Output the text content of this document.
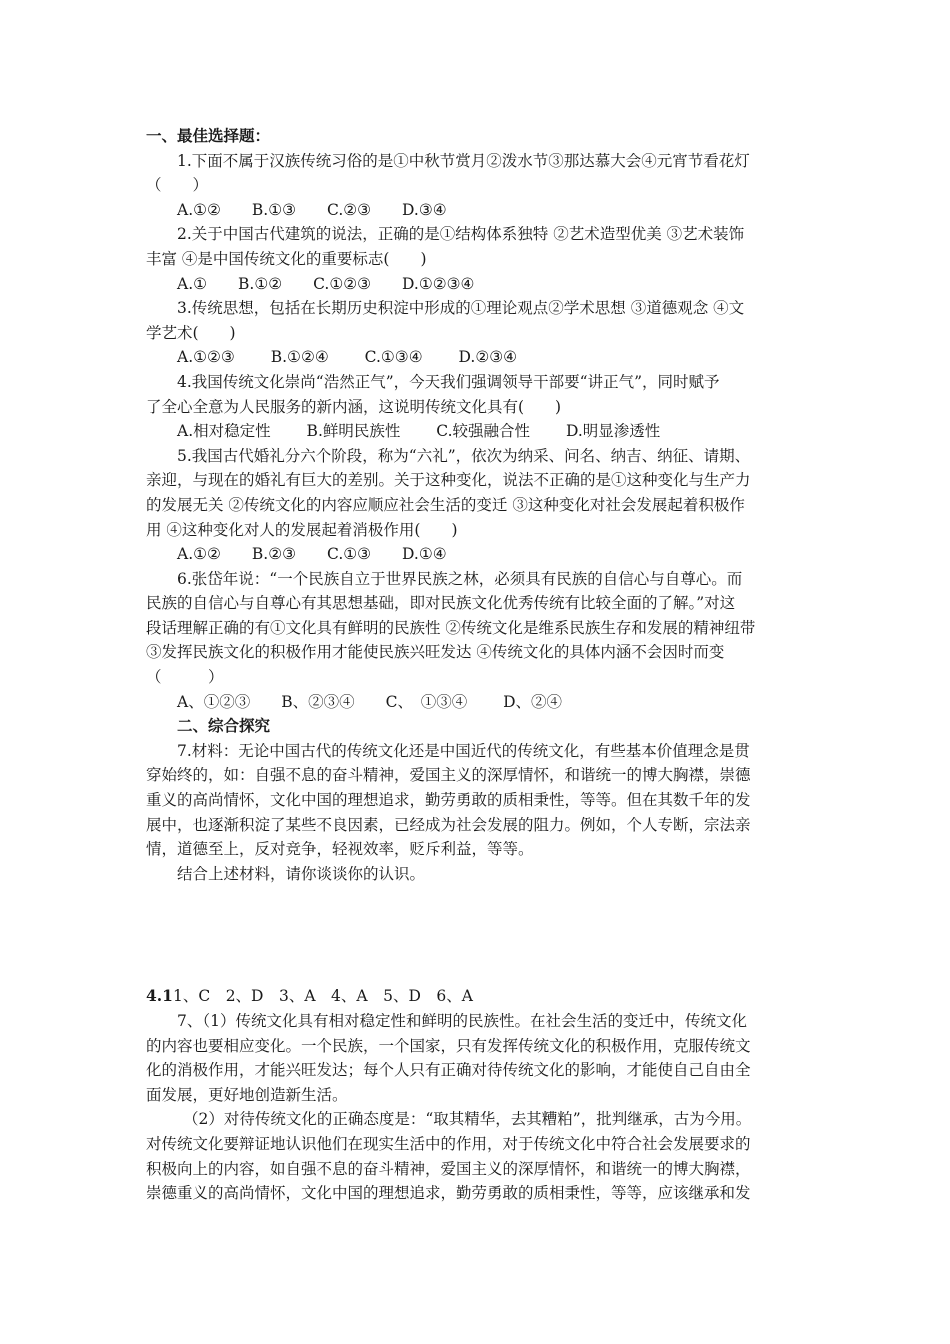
一、最佳选择题：
1.下面不属于汉族传统习俗的是①中秋节赏月②泼水节③那达慕大会④元宵节看花灯
（　　）
A.①②　　B.①③　　C.②③　　D.③④
2.关于中国古代建筑的说法，正确的是①结构体系独特 ②艺术造型优美 ③艺术装饰
丰富 ④是中国传统文化的重要标志(　　)
A.①　　B.①②　　C.①②③　　D.①②③④
3.传统思想，包括在长期历史积淀中形成的①理论观点②学术思想 ③道德观念 ④文
学艺术(　　)
A.①②③　　 B.①②④　　 C.①③④　　 D.②③④
4.我国传统文化崇尚“浩然正气”，今天我们强调领导干部要“讲正气”，同时赋予
了全心全意为人民服务的新内涵，这说明传统文化具有(　　)
A.相对稳定性　　 B.鲜明民族性　　 C.较强融合性　　 D.明显渗透性
5.我国古代婚礼分六个阶段，称为“六礼”，依次为纳采、问名、纳吉、纳征、请期、
亲迎，与现在的婚礼有巨大的差别。关于这种变化，说法不正确的是①这种变化与生产力
的发展无关 ②传统文化的内容应顺应社会生活的变迁 ③这种变化对社会发展起着积极作
用 ④这种变化对人的发展起着消极作用(　　)
A.①②　　B.②③　　C.①③　　D.①④
6.张岱年说：“一个民族自立于世界民族之林，必须具有民族的自信心与自尊心。而
民族的自信心与自尊心有其思想基础，即对民族文化优秀传统有比较全面的了解。”对这
段话理解正确的有①文化具有鲜明的民族性 ②传统文化是维系民族生存和发展的精神纽带
③发挥民族文化的积极作用才能使民族兴旺发达 ④传统文化的具体内涵不会因时而变
（　　　）
A、①②③　　B、②③④　　C、　①③④　　 D、②④
二、综合探究
7.材料：无论中国古代的传统文化还是中国近代的传统文化，有些基本价值理念是贯
穿始终的，如：自强不息的奋斗精神，爱国主义的深厚情怀，和谐统一的博大胸襟，崇德
重义的高尚情怀，文化中国的理想追求，勤劳勇敢的质相秉性，等等。但在其数千年的发
展中，也逐渐积淀了某些不良因素，已经成为社会发展的阻力。例如，个人专断，宗法亲
情，道德至上，反对竞争，轻视效率，贬斥利益，等等。
结合上述材料，请你谈谈你的认识。
4.11、C　2、D　3、A　4、A　5、D　6、A
7、（1）传统文化具有相对稳定性和鲜明的民族性。在社会生活的变迁中，传统文化
的内容也要相应变化。一个民族，一个国家，只有发挥传统文化的积极作用，克服传统文
化的消极作用，才能兴旺发达；每个人只有正确对待传统文化的影响，才能使自己自由全
面发展，更好地创造新生活。
（2）对待传统文化的正确态度是：“取其精华，去其糟粕”，批判继承，古为今用。
对传统文化要辩证地认识他们在现实生活中的作用，对于传统文化中符合社会发展要求的
积极向上的内容，如自强不息的奋斗精神，爱国主义的深厚情怀，和谐统一的博大胸襟，
崇德重义的高尚情怀，文化中国的理想追求，勤劳勇敢的质相秉性，等等，应该继承和发
